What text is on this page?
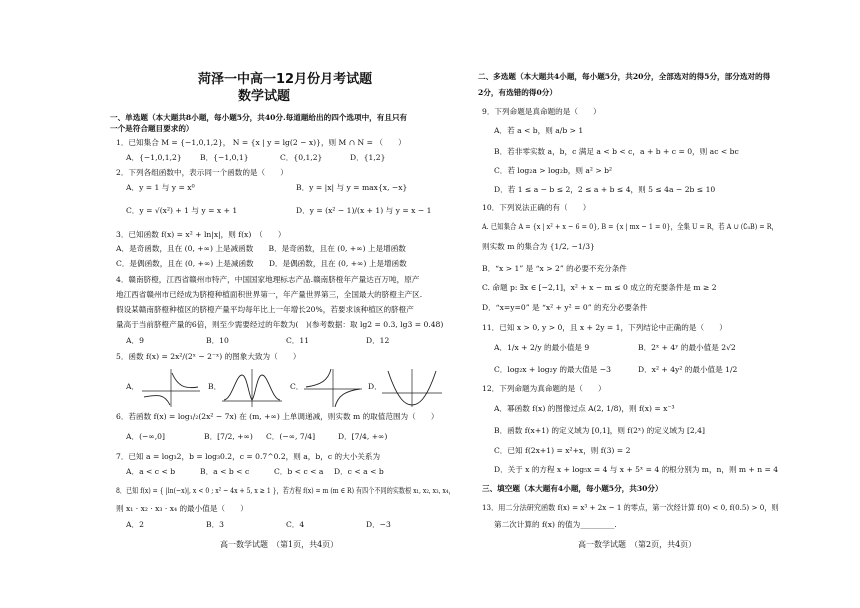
菏泽一中高一12月份月考试题
数学试题
一、单选题（本大题共8小题，每小题5分，共40分.每道题给出的四个选项中，有且只有
一个是符合题目要求的）
1．已知集合 M = {−1,0,1,2}， N = {x | y = lg(2 − x)}，则 M ∩ N = （　　）
A．{−1,0,1,2} B．{−1,0,1}	C．{0,1,2}	D．{1,2}
2．下列各组函数中，表示同一个函数的是（　　）
A．y = 1 与 y = x⁰	B．y = |x| 与 y = max{x, −x}
C．y = √(x²) + 1 与 y = x + 1	D．y = (x² − 1)/(x + 1) 与 y = x − 1
3．已知函数 f(x) = x² + ln|x|，则 f(x)　（　　）
A．是奇函数，且在 (0, +∞) 上是减函数　　B．是奇函数，且在 (0, +∞) 上是增函数
C．是偶函数，且在 (0, +∞) 上是减函数　　D．是偶函数，且在 (0, +∞) 上是增函数
4．赣南脐橙，江西省赣州市特产，中国国家地理标志产品.赣南脐橙年产量达百万吨，原产
地江西省赣州市已经成为脐橙种植面积世界第一，年产量世界第三，全国最大的脐橙主产区.
假设某赣南脐橙种植区的脐橙产量平均每年比上一年增长20%，若要求该种植区的脐橙产
量高于当前脐橙产量的6倍，则至少需要经过的年数为(　)(参考数据：取 lg2 = 0.3, lg3 = 0.48)
A．9	B．10	C．11	D．12
5．函数 f(x) = 2x²/(2ˣ − 2⁻ˣ) 的图象大致为（　　）
A．	B．	C．	D．
6．若函数 f(x) = log₁/₂(2x² − 7x) 在 (m, +∞) 上单调递减，则实数 m 的取值范围为（　　）
A．(−∞,0]	B．[7/2, +∞) C．(−∞, 7/4]	D．[7/4, +∞)
7．已知 a = log₃2，b = log₃0.2，c = 0.7^0.2，则 a，b，c 的大小关系为
A．a < c < b	B．a < b < c	C．b < c < a D．c < a < b
8．已知 f(x) = { |ln(−x)|, x < 0 ; x² − 4x + 5, x ≥ 1 }，若方程 f(x) = m (m ∈ R) 有四个不同的实数根 x₁, x₂, x₃, x₄，
则 x₁ · x₂ · x₃ · x₄ 的最小值是（　　）
A．2	B．3	C．4	D．−3
高一数学试题　（第1页，共4页）
二、多选题（本大题共4小题，每小题5分，共20分，全部选对的得5分，部分选对的得
2分，有选错的得0分）
9．下列命题是真命题的是（　　）
A．若 a < b，则 a/b > 1
B．若非零实数 a，b，c 满足 a < b < c，a + b + c = 0，则 ac < bc
C．若 log₂a > log₂b，则 a² > b²
D．若 1 ≤ a − b ≤ 2，2 ≤ a + b ≤ 4，则 5 ≤ 4a − 2b ≤ 10
10．下列说法正确的有（　　）
A. 已知集合 A = {x | x² + x − 6 = 0}, B = {x | mx − 1 = 0}，全集 U = R，若 A ∪ (∁ᵤB) = R，
则实数 m 的集合为 {1/2, −1/3}
B．“x > 1” 是 “x > 2” 的必要不充分条件
C. 命题 p: ∃x ∈ [−2,1]，x² + x − m ≤ 0 成立的充要条件是 m ≥ 2
D．“x=y=0” 是 “x² + y² = 0” 的充分必要条件
11．已知 x > 0, y > 0，且 x + 2y = 1，下列结论中正确的是（　　）
A．1/x + 2/y 的最小值是 9	B．2ˣ + 4ʸ 的最小值是 2√2
C．log₂x + log₂y 的最大值是 −3	D．x² + 4y² 的最小值是 1/2
12．下列命题为真命题的是（　　）
A．幂函数 f(x) 的图像过点 A(2, 1/8)，则 f(x) = x⁻³
B．函数 f(x+1) 的定义域为 [0,1]，则 f(2ˣ) 的定义域为 [2,4]
C．已知 f(2x+1) = x²+x，则 f(3) = 2
D．关于 x 的方程 x + log₅x = 4 与 x + 5ˣ = 4 的根分别为 m，n，则 m + n = 4
三、填空题（本大题有4小题，每小题5分，共30分）
13．用二分法研究函数 f(x) = x³ + 2x − 1 的零点，第一次经计算 f(0) < 0, f(0.5) > 0，则
第二次计算的 f(x) 的值为_________.
高一数学试题　（第2页，共4页）
